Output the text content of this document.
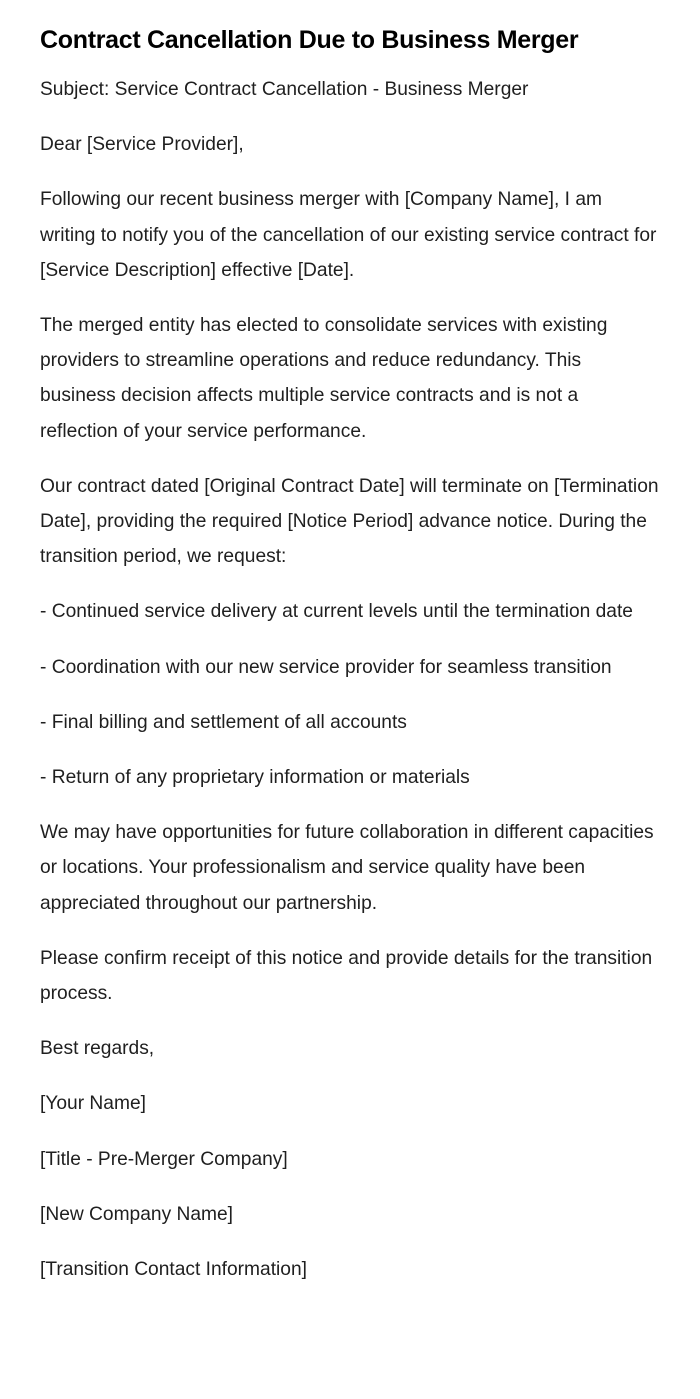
Contract Cancellation Due to Business Merger

Subject: Service Contract Cancellation - Business Merger

Dear [Service Provider],

Following our recent business merger with [Company Name], I am writing to notify you of the cancellation of our existing service contract for [Service Description] effective [Date].

The merged entity has elected to consolidate services with existing providers to streamline operations and reduce redundancy. This business decision affects multiple service contracts and is not a reflection of your service performance.

Our contract dated [Original Contract Date] will terminate on [Termination Date], providing the required [Notice Period] advance notice. During the transition period, we request:

- Continued service delivery at current levels until the termination date

- Coordination with our new service provider for seamless transition

- Final billing and settlement of all accounts

- Return of any proprietary information or materials

We may have opportunities for future collaboration in different capacities or locations. Your professionalism and service quality have been appreciated throughout our partnership.

Please confirm receipt of this notice and provide details for the transition process.

Best regards,

[Your Name]

[Title - Pre-Merger Company]

[New Company Name]

[Transition Contact Information]
